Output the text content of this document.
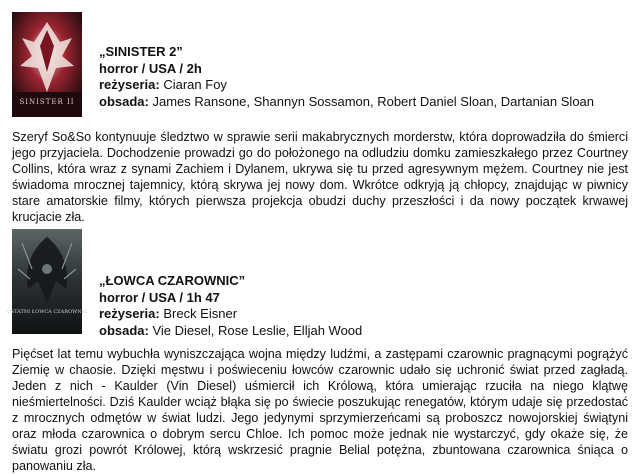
SINISTER II
„SINISTER 2”
horror / USA / 2h
reżyseria: Ciaran Foy
obsada: James Ransone, Shannyn Sossamon, Robert Daniel Sloan, Dartanian Sloan

Szeryf So&So kontynuuje śledztwo w sprawie serii makabrycznych morderstw, która doprowadziła do śmierci jego przyjaciela. Dochodzenie prowadzi go do położonego na odludziu domku zamieszkałego przez Courtney Collins, która wraz z synami Zachiem i Dylanem, ukrywa się tu przed agresywnym mężem. Courtney nie jest świadoma mrocznej tajemnicy, którą skrywa jej nowy dom. Wkrótce odkryją ją chłopcy, znajdując w piwnicy stare amatorskie filmy, których pierwsza projekcja obudzi duchy przeszłości i da nowy początek krwawej krucjacie zła.

OSTATNI ŁOWCA CZAROWNIC
„ŁOWCA CZAROWNIC”
horror / USA / 1h 47
reżyseria: Breck Eisner
obsada: Vie Diesel, Rose Leslie, Elljah Wood

Pięćset lat temu wybuchła wyniszczająca wojna między ludźmi, a zastępami czarownic pragnącymi pogrążyć Ziemię w chaosie. Dzięki męstwu i poświeceniu łowców czarownic udało się uchronić świat przed zagładą. Jeden z nich - Kaulder (Vin Diesel) uśmiercił ich Królową, która umierając rzuciła na niego klątwę nieśmiertelności. Dziś Kaulder wciąż błąka się po świecie poszukując renegatów, którym udaje się przedostać z mrocznych odmętów w świat ludzi. Jego jedynymi sprzymierzeńcami są proboszcz nowojorskiej świątyni oraz młoda czarownica o dobrym sercu Chloe. Ich pomoc może jednak nie wystarczyć, gdy okaże się, że światu grozi powrót Królowej, którą wskrzesić pragnie Belial potężna, zbuntowana czarownica śniąca o panowaniu zła.
